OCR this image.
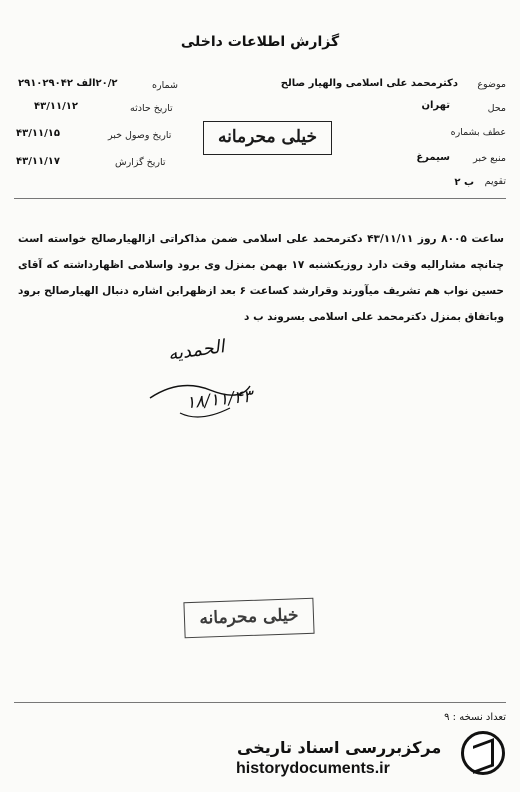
گزارش اطلاعات داخلی
موضوع
دکترمحمد علی اسلامی والهیار صالح
محل
تهران
عطف بشماره
منبع خبر
سیمرغ
تقویم
ب ۲
شماره
۲۰/۲الف ۲۹۱۰۲۹۰۴۲
تاریخ حادثه
۴۳/۱۱/۱۲
تاریخ وصول خبر
۴۳/۱۱/۱۵
تاریخ گزارش
۴۳/۱۱/۱۷
خیلی محرمانه
ساعت ۸۰۰۵ روز ۴۳/۱۱/۱۱ دکترمحمد علی اسلامی ضمن مذاکراتی ازالهیارصالح خواسته است چنانچه مشارالیه وقت دارد روزیکشنبه ۱۷ بهمن بمنزل وی برود واسلامی اظهارداشته که آقای حسین نواب هم تشریف میآورند وقرارشد کساعت ۶ بعد ازظهرابن اشاره دنبال الهیارصالح برود وباتفاق بمنزل دکترمحمد علی اسلامی بسروند ب د
الحمدیه
۱۸/۱۱/۴۳
خیلی محرمانه
تعداد نسخه : ۹
مرکزبررسی اسناد تاریخی
historydocuments.ir
